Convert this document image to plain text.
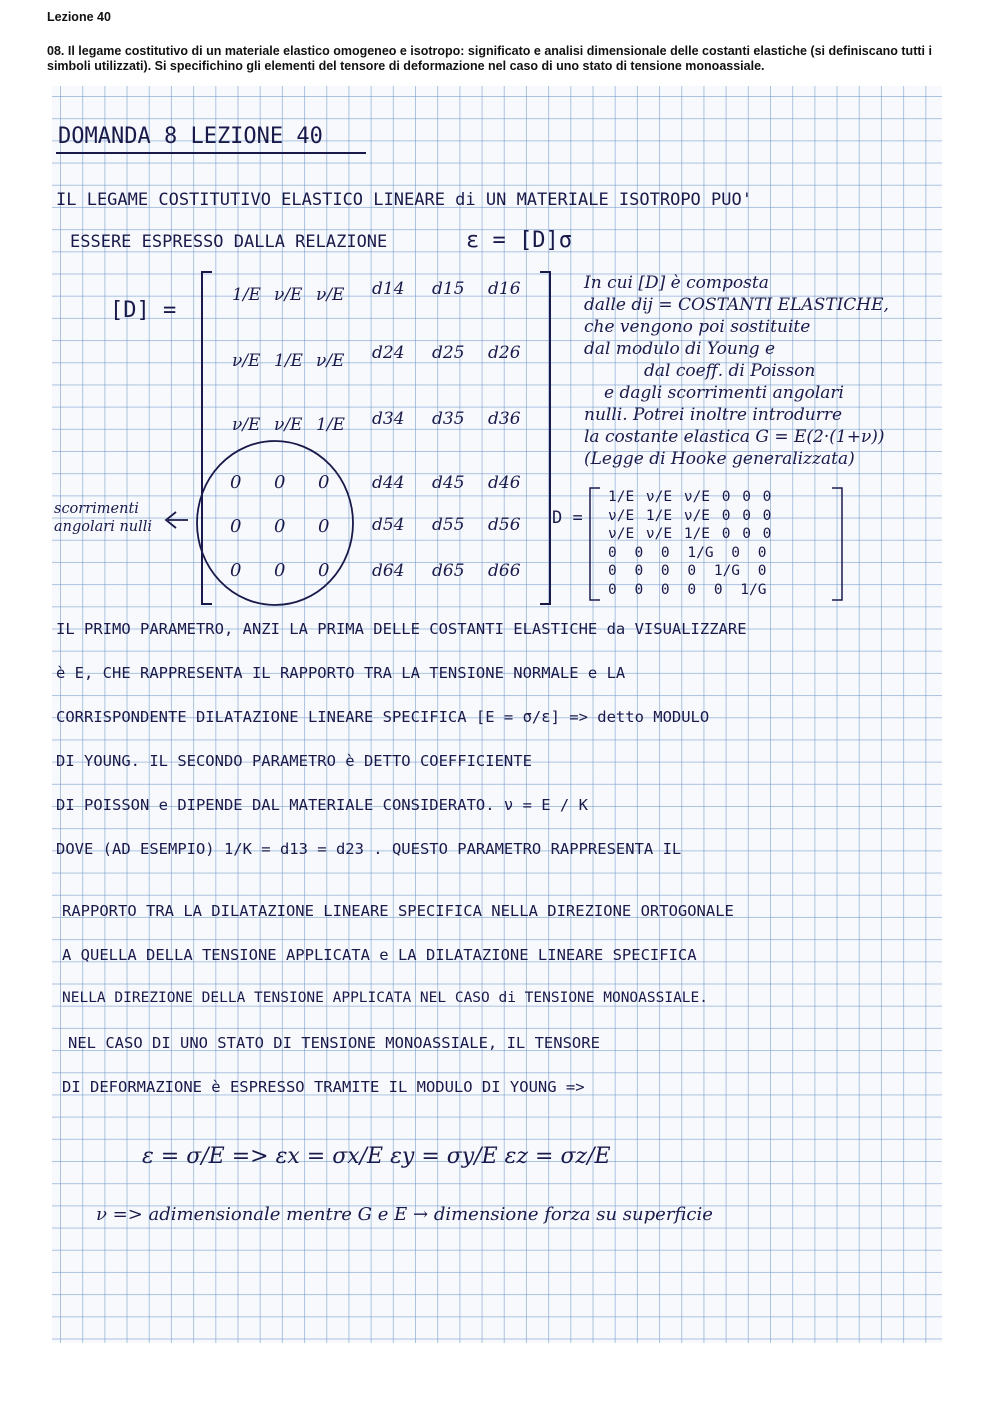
Lezione 40
08. Il legame costitutivo di un materiale elastico omogeneo e isotropo: significato e analisi dimensionale delle costanti elastiche (si definiscano tutti i simboli utilizzati). Si specifichino gli elementi del tensore di deformazione nel caso di uno stato di tensione monoassiale.
DOMANDA 8 LEZIONE 40
IL LEGAME COSTITUTIVO ELASTICO LINEARE di UN MATERIALE ISOTROPO PUO'
ESSERE ESPRESSO DALLA RELAZIONE	ε = [D]σ
[D] =
1/E ν/E ν/E d14 d15 d16
ν/E 1/E ν/E d24 d25 d26
ν/E ν/E 1/E d34 d35 d36
0 0 0	d44 d45 d46
0 0 0	d54 d55 d56
0 0 0	d64 d65 d66
scorrimenti angolari nulli
In cui [D] è composta
dalle dij = COSTANTI ELASTICHE,
che vengono poi sostituite
dal modulo di Young e
dal coeff. di Poisson
e dagli scorrimenti angolari
nulli. Potrei inoltre introdurre
la costante elastica G = E(2·(1+ν))
(Legge di Hooke generalizzata)
D =
1/E ν/E ν/E 0 0 0
ν/E 1/E ν/E 0 0 0
ν/E ν/E 1/E 0 0 0
0 0 0 1/G 0 0
0 0 0 0 1/G 0
0 0 0 0 0 1/G
IL PRIMO PARAMETRO, ANZI LA PRIMA DELLE COSTANTI ELASTICHE da VISUALIZZARE
è E, CHE RAPPRESENTA IL RAPPORTO TRA LA TENSIONE NORMALE e LA
CORRISPONDENTE DILATAZIONE LINEARE SPECIFICA [E = σ/ε] => detto MODULO
DI YOUNG. IL SECONDO PARAMETRO è DETTO COEFFICIENTE
DI POISSON e DIPENDE DAL MATERIALE CONSIDERATO. ν = E / K
DOVE (AD ESEMPIO) 1/K = d13 = d23 . QUESTO PARAMETRO RAPPRESENTA IL
RAPPORTO TRA LA DILATAZIONE LINEARE SPECIFICA NELLA DIREZIONE ORTOGONALE
A QUELLA DELLA TENSIONE APPLICATA e LA DILATAZIONE LINEARE SPECIFICA
NELLA DIREZIONE DELLA TENSIONE APPLICATA NEL CASO di TENSIONE MONOASSIALE.
NEL CASO DI UNO STATO DI TENSIONE MONOASSIALE, IL TENSORE
DI DEFORMAZIONE è ESPRESSO TRAMITE IL MODULO DI YOUNG =>
ε = σ/E => εx = σx/E εy = σy/E εz = σz/E
ν => adimensionale mentre G e E → dimensione forza su superficie
